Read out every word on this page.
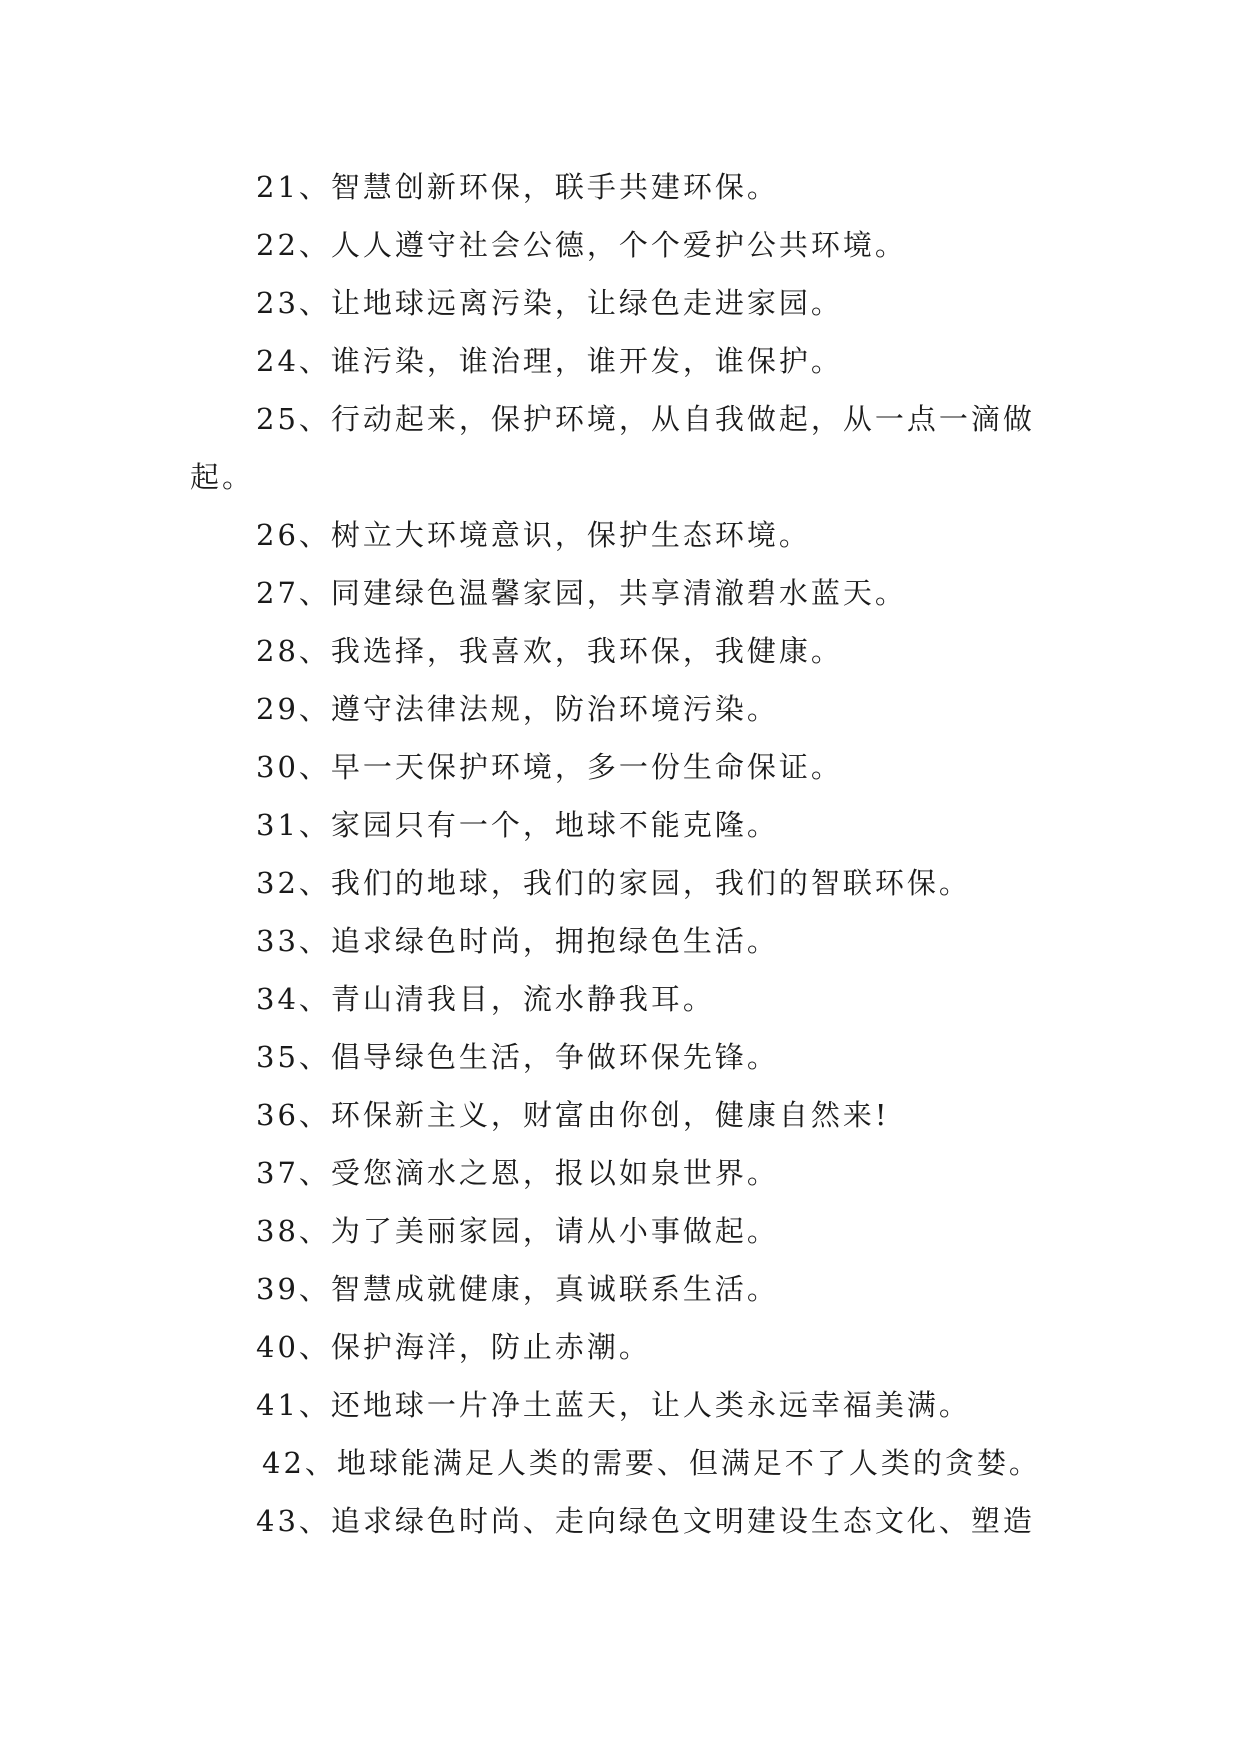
21、智慧创新环保，联手共建环保。
22、人人遵守社会公德，个个爱护公共环境。
23、让地球远离污染，让绿色走进家园。
24、谁污染，谁治理，谁开发，谁保护。
25、行动起来，保护环境，从自我做起，从一点一滴做
起。
26、树立大环境意识，保护生态环境。
27、同建绿色温馨家园，共享清澈碧水蓝天。
28、我选择，我喜欢，我环保，我健康。
29、遵守法律法规，防治环境污染。
30、早一天保护环境，多一份生命保证。
31、家园只有一个，地球不能克隆。
32、我们的地球，我们的家园，我们的智联环保。
33、追求绿色时尚，拥抱绿色生活。
34、青山清我目，流水静我耳。
35、倡导绿色生活，争做环保先锋。
36、环保新主义，财富由你创，健康自然来!
37、受您滴水之恩，报以如泉世界。
38、为了美丽家园，请从小事做起。
39、智慧成就健康，真诚联系生活。
40、保护海洋，防止赤潮。
41、还地球一片净土蓝天，让人类永远幸福美满。
42、地球能满足人类的需要、但满足不了人类的贪婪。
43、追求绿色时尚、走向绿色文明建设生态文化、塑造
